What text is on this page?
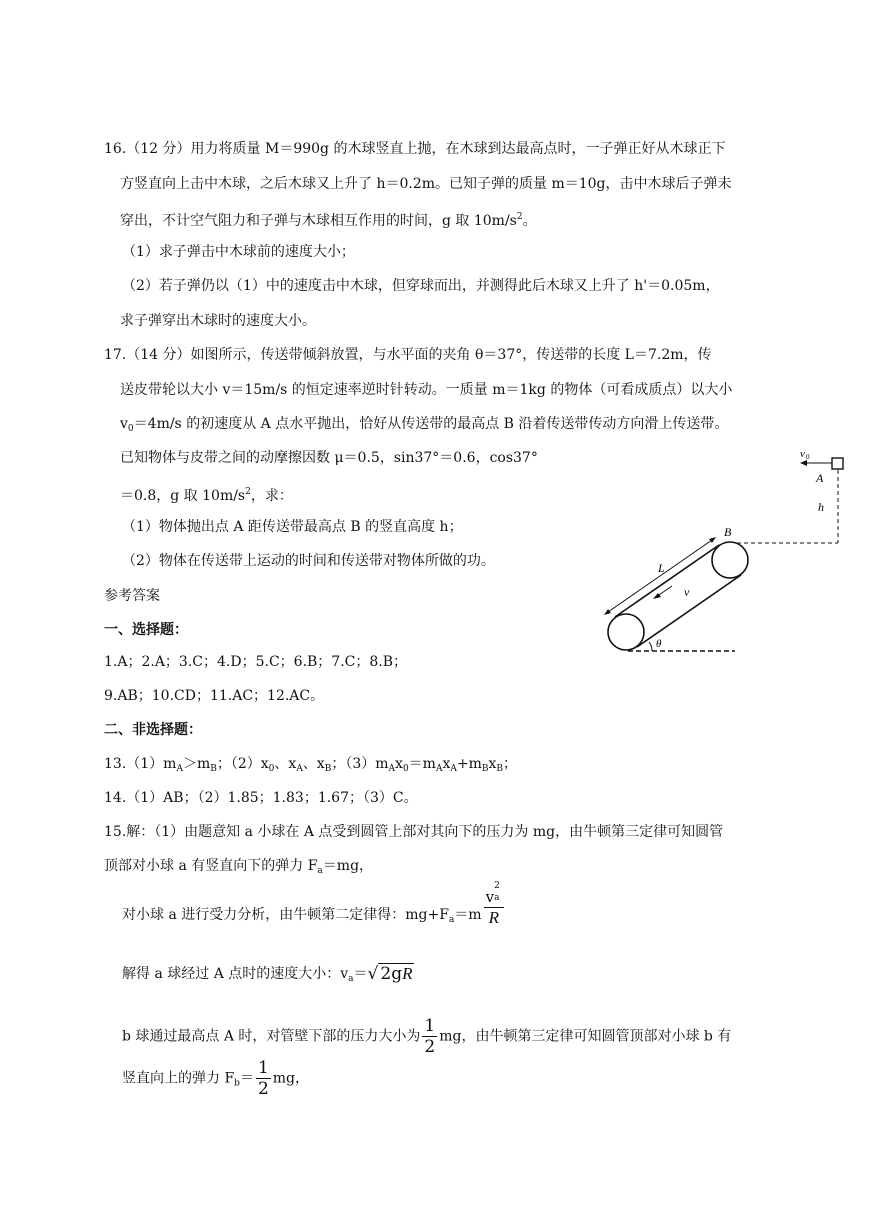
16.（12 分）用力将质量 M＝990g 的木球竖直上抛，在木球到达最高点时，一子弹正好从木球正下
方竖直向上击中木球，之后木球又上升了 h＝0.2m。已知子弹的质量 m＝10g，击中木球后子弹未
穿出，不计空气阻力和子弹与木球相互作用的时间，g 取 $10m/s^2$。
（1）求子弹击中木球前的速度大小；
（2）若子弹仍以（1）中的速度击中木球，但穿球而出，并测得此后木球又上升了 h'＝0.05m，
求子弹穿出木球时的速度大小。
17.（14 分）如图所示，传送带倾斜放置，与水平面的夹角 θ＝37°，传送带的长度 L＝7.2m，传
送皮带轮以大小 v＝15m/s 的恒定速率逆时针转动。一质量 m＝1kg 的物体（可看成质点）以大小
$v_0=4m/s$ 的初速度从 A 点水平抛出，恰好从传送带的最高点 B 沿着传送带传动方向滑上传送带。
已知物体与皮带之间的动摩擦因数 μ＝0.5，sin37°＝0.6，cos37°
＝0.8，g 取 $10m/s^2$，求：
（1）物体抛出点 A 距传送带最高点 B 的竖直高度 h；
（2）物体在传送带上运动的时间和传送带对物体所做的功。
v 0
A
h
L
B
v
θ
参考答案
一、选择题：
1.A；2.A；3.C；4.D；5.C；6.B；7.C；8.B；
9.AB；10.CD；11.AC；12.AC。
二、非选择题：
$13.(1)m_A>m_B$；$(2)x_0$、$x_A$、$x_B$；$(3)m_Ax_0=m_Ax_A+m_Bx_B$；
14.（1）AB；（2）1.85；1.83；1.67；（3）C。
15.解：（1）由题意知 a 小球在 A 点受到圆管上部对其向下的压力为 mg，由牛顿第三定律可知圆管
顶部对小球 a 有竖直向下的弹力 $F_a=mg$，
对小球 a 进行受力分析，由牛顿第二定律得：$mg+F_a=m$ v
2
a
R
解得 a 球经过 A 点时的速度大小：$v_a=√$ 2gR
b 球通过最高点 A 时，对管壁下部的压力大小为 $\frac{1}{2}$ mg，由牛顿第三定律可知圆管顶部对小球 b 有
竖直向上的弹力 $F_b= \frac{1}{2}$ mg，
